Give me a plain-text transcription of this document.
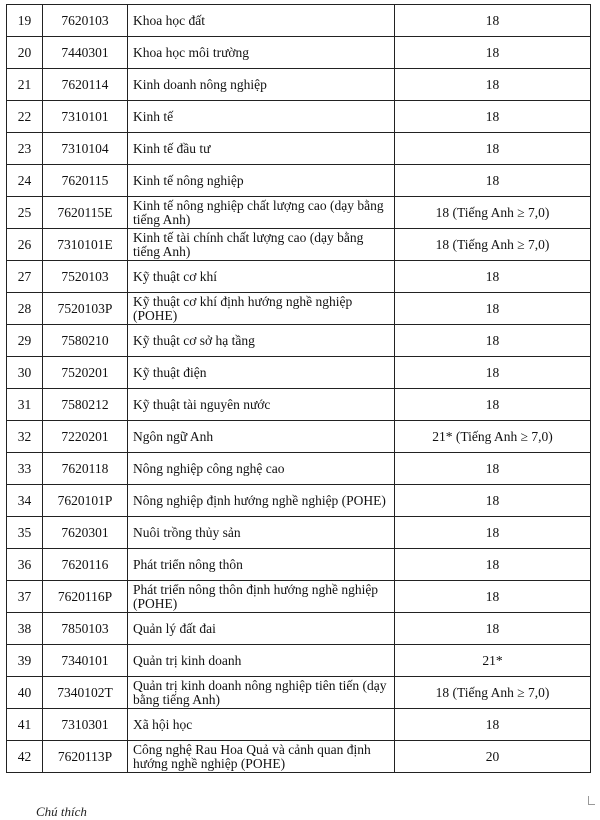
19	7620103	Khoa học đất	18
20	7440301	Khoa học môi trường	18
21	7620114	Kinh doanh nông nghiệp	18
22	7310101	Kinh tế	18
23	7310104	Kinh tế đầu tư	18
24	7620115	Kinh tế nông nghiệp	18
25	7620115E	Kinh tế nông nghiệp chất lượng cao (dạy bằng tiếng Anh)	18 (Tiếng Anh ≥ 7,0)
26	7310101E	Kinh tế tài chính chất lượng cao (dạy bằng tiếng Anh)	18 (Tiếng Anh ≥ 7,0)
27	7520103	Kỹ thuật cơ khí	18
28	7520103P	Kỹ thuật cơ khí định hướng nghề nghiệp (POHE)	18
29	7580210	Kỹ thuật cơ sở hạ tầng	18
30	7520201	Kỹ thuật điện	18
31	7580212	Kỹ thuật tài nguyên nước	18
32	7220201	Ngôn ngữ Anh	21* (Tiếng Anh ≥ 7,0)
33	7620118	Nông nghiệp công nghệ cao	18
34	7620101P	Nông nghiệp định hướng nghề nghiệp (POHE)	18
35	7620301	Nuôi trồng thủy sản	18
36	7620116	Phát triển nông thôn	18
37	7620116P	Phát triển nông thôn định hướng nghề nghiệp (POHE)	18
38	7850103	Quản lý đất đai	18
39	7340101	Quản trị kinh doanh	21*
40	7340102T	Quản trị kinh doanh nông nghiệp tiên tiến (dạy bằng tiếng Anh)	18 (Tiếng Anh ≥ 7,0)
41	7310301	Xã hội học	18
42	7620113P	Công nghệ Rau Hoa Quả và cảnh quan định hướng nghề nghiệp (POHE)	20
Chú thích
